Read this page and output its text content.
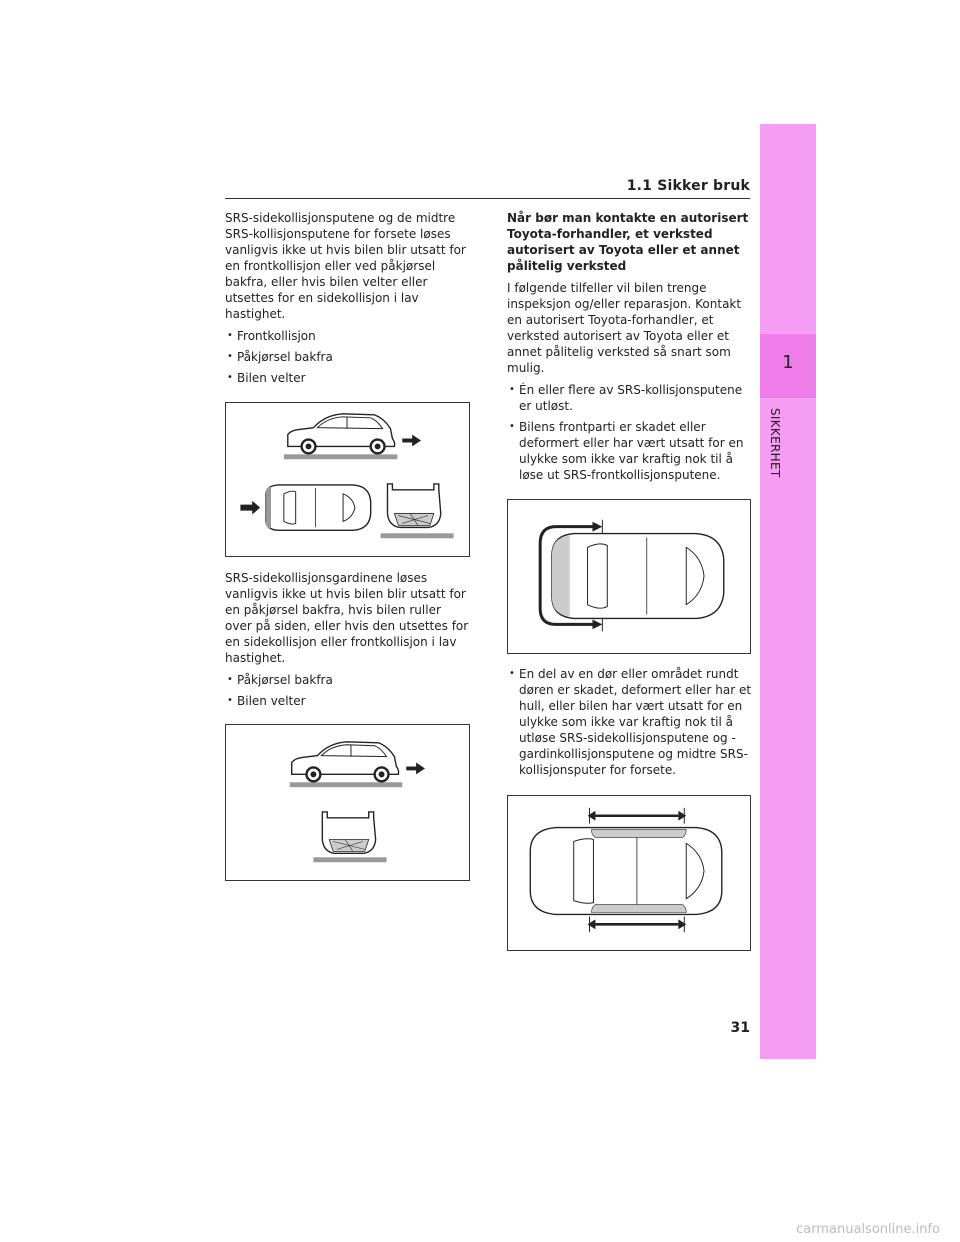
1.1 Sikker bruk
1
SIKKERHET

SRS-sidekollisjonsputene og de midtre SRS-kollisjonsputene for forsete løses vanligvis ikke ut hvis bilen blir utsatt for en frontkollisjon eller ved påkjørsel bakfra, eller hvis bilen velter eller utsettes for en sidekollisjon i lav hastighet.

• Frontkollisjon
• Påkjørsel bakfra
• Bilen velter

SRS-sidekollisjonsgardinene løses vanligvis ikke ut hvis bilen blir utsatt for en påkjørsel bakfra, hvis bilen ruller over på siden, eller hvis den utsettes for en sidekollisjon eller frontkollisjon i lav hastighet.

• Påkjørsel bakfra
• Bilen velter

Når bør man kontakte en autorisert Toyota-forhandler, et verksted autorisert av Toyota eller et annet pålitelig verksted

I følgende tilfeller vil bilen trenge inspeksjon og/eller reparasjon. Kontakt en autorisert Toyota-forhandler, et verksted autorisert av Toyota eller et annet pålitelig verksted så snart som mulig.

• Én eller flere av SRS-kollisjonsputene er utløst.
• Bilens frontparti er skadet eller deformert eller har vært utsatt for en ulykke som ikke var kraftig nok til å løse ut SRS-frontkollisjonsputene.
• En del av en dør eller området rundt døren er skadet, deformert eller har et hull, eller bilen har vært utsatt for en ulykke som ikke var kraftig nok til å utløse SRS-sidekollisjonsputene og -gardinkollisjonsputene og midtre SRS-kollisjonsputer for forsete.
31
carmanualsonline.info
